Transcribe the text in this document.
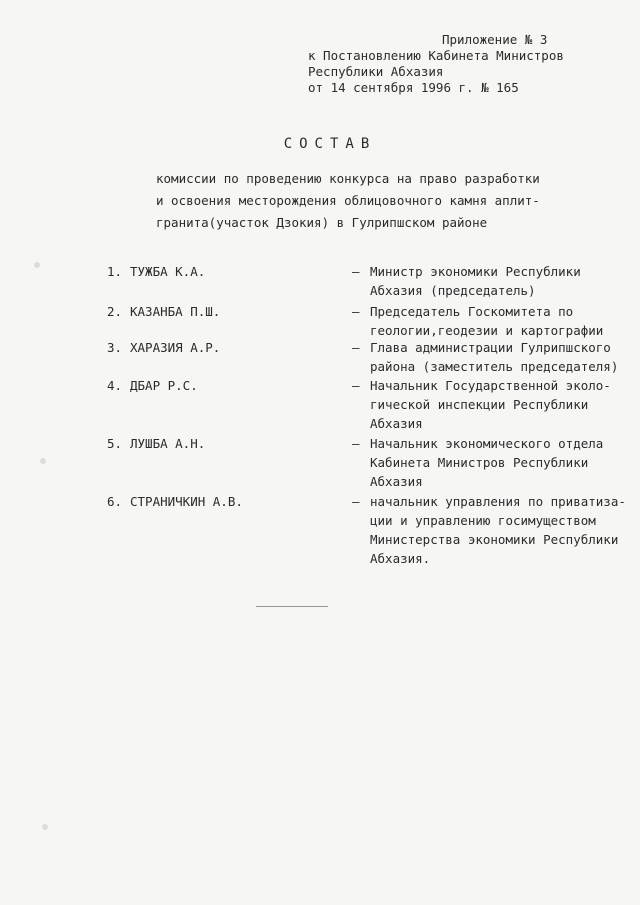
Приложение № 3
к Постановлению Кабинета Министров
Республики Абхазия
от 14 сентября 1996 г. № 165
СОСТАВ
комиссии по проведению конкурса на право разработки
и освоения месторождения облицовочного камня аплит-
гранита(участок Дзокия) в Гулрипшском районе
1. ТУЖБА К.А.	– Министр экономики Республики
Абхазия (председатель)
2. КАЗАНБА П.Ш.	– Председатель Госкомитета по
геологии,геодезии и картографии
3. ХАРАЗИЯ А.Р.	– Глава администрации Гулрипшского
района (заместитель председателя)
4. ДБАР Р.С.	– Начальник Государственной эколо-
гической инспекции Республики
Абхазия
5. ЛУШБА А.Н.	– Начальник экономического отдела
Кабинета Министров Республики
Абхазия
6. СТРАНИЧКИН А.В.	– начальник управления по приватиза-
ции и управлению госимуществом
Министерства экономики Республики
Абхазия.
